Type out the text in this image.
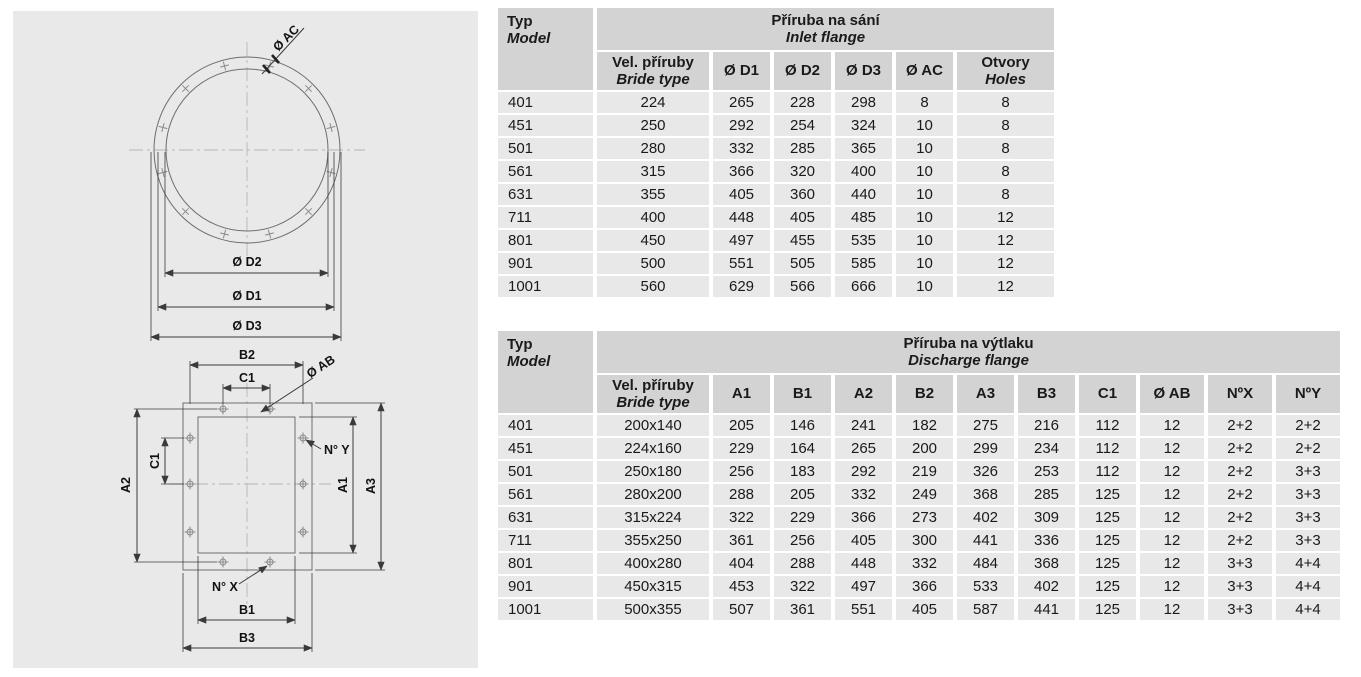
Ø AC
Ø D2
Ø D1
Ø D3
B2
C1	Ø AB
N° Y
A2
C1
A1 A3
N° X
B1
B3
Typ
Model	Příruba na sání
Inlet flange					

	Vel. příruby
Bride type	Ø D1	Ø D2	Ø D3	Ø AC	Otvory
Holes

401	224	265	228	298	8	8
451	250	292	254	324	10	8
501	280	332	285	365	10	8
561	315	366	320	400	10	8
631	355	405	360	440	10	8
711	400	448	405	485	10	12
801	450	497	455	535	10	12
901	500	551	505	585	10	12
1001	560	629	566	666	10	12
Typ
Model	Příruba na výtlaku
Discharge flange										

	Vel. příruby
Bride type	A1	B1	A2	B2	A3	B3	C1	Ø AB	NºX	NºY
401	200x140	205	146	241	182	275	216	112	12	2+2	2+2
451	224x160	229	164	265	200	299	234	112	12	2+2	2+2
501	250x180	256	183	292	219	326	253	112	12	2+2	3+3
561	280x200	288	205	332	249	368	285	125	12	2+2	3+3
631	315x224	322	229	366	273	402	309	125	12	2+2	3+3
711	355x250	361	256	405	300	441	336	125	12	2+2	3+3
801	400x280	404	288	448	332	484	368	125	12	3+3	4+4
901	450x315	453	322	497	366	533	402	125	12	3+3	4+4
1001	500x355	507	361	551	405	587	441	125	12	3+3	4+4
